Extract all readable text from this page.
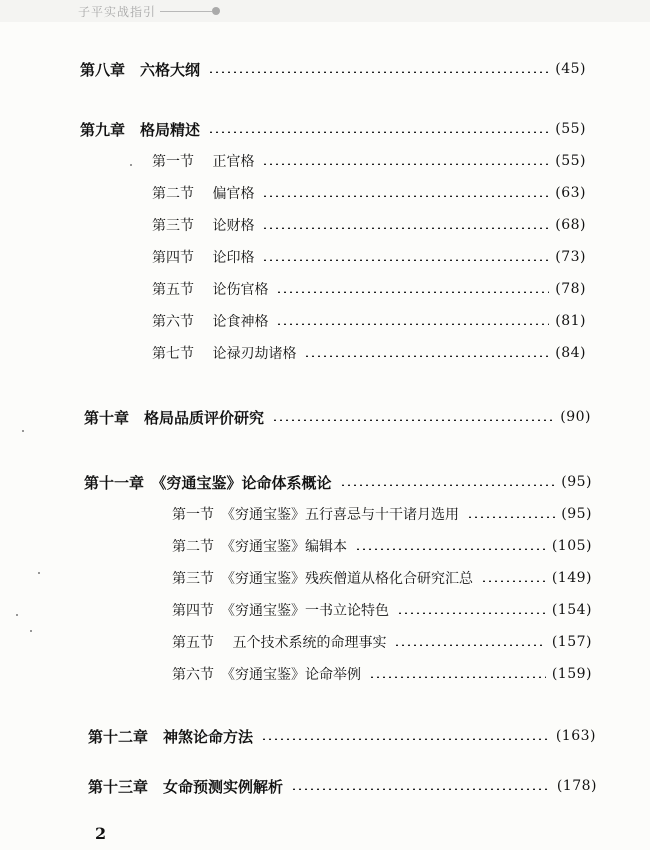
子平实战指引
第八章　六格大纲	(45)
第九章　格局精述	(55)
第一节　 正官格	(55)
第二节　 偏官格	(63)
第三节　 论财格	(68)
第四节　 论印格	(73)
第五节　 论伤官格	(78)
第六节　 论食神格	(81)
第七节　 论禄刃劫诸格	(84)
第十章　格局品质评价研究	(90)
第十一章　《穷通宝鉴》论命体系概论	(95)
第一节　《穷通宝鉴》五行喜忌与十干诸月选用	(95)
第二节　《穷通宝鉴》编辑本	(105)
第三节　《穷通宝鉴》残疾僧道从格化合研究汇总	(149)
第四节　《穷通宝鉴》一书立论特色	(154)
第五节　 五个技术系统的命理事实	(157)
第六节　《穷通宝鉴》论命举例	(159)
第十二章　神煞论命方法	(163)
第十三章　女命预测实例解析	(178)
2
